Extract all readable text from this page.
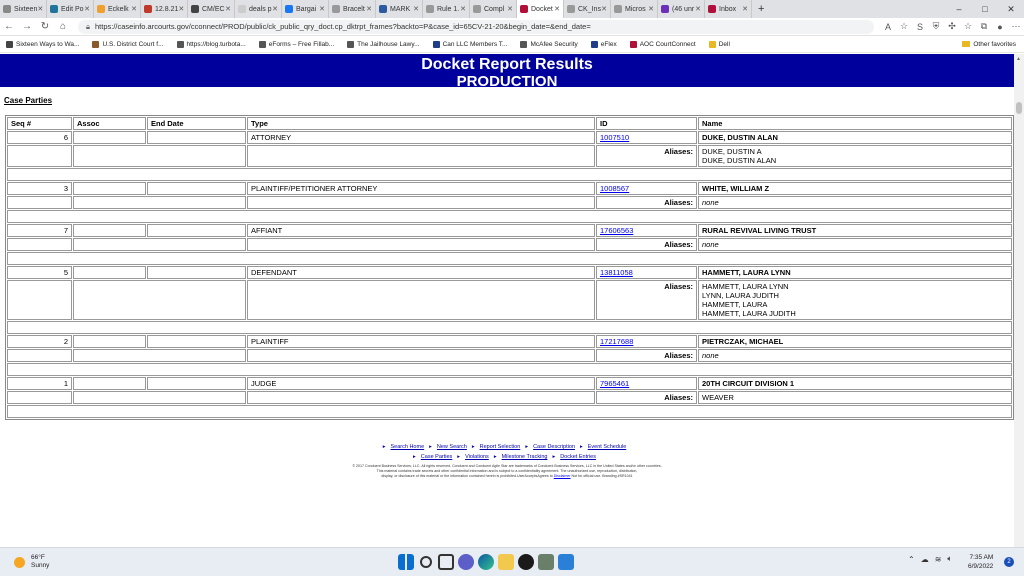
Sixteen ✕	Edit Po ✕	Eckelk ✕	12.8.21 ✕	CM/EC ✕	deals p ✕	Bargai ✕	Bracelt ✕	MARK ✕	Rule 1. ✕	Compl ✕	Docket ✕	CK_Ins ✕	Micros ✕	(46 unr ✕	Inbox ✕ +	–	□	✕
← → ↻	⌂	🔒︎ https://caseinfo.arcourts.gov/cconnect/PROD/public/ck_public_qry_doct.cp_dktrpt_frames?backto=P&case_id=65CV-21-20&begin_date=&end_date=	A ☆ S	⛨ ✣ ☆ ⧉	● ⋯
Sixteen Ways to Wa...	U.S. District Court f...	https://blog.turbota...	eForms – Free Fillab...	The Jailhouse Lawy...	Can LLC Members T...	McAfee Security	eFlex	AOC CourtConnect	Dell	Other favorites
Docket Report Results
PRODUCTION
Case Parties
Seq #	Assoc	End Date	Type	ID	Name
6			ATTORNEY	1007510	DUKE, DUSTIN ALAN
				Aliases:	DUKE, DUSTIN A
DUKE, DUSTIN ALAN

3			PLAINTIFF/PETITIONER ATTORNEY	1008567	WHITE, WILLIAM Z
				Aliases:	none

7			AFFIANT	17606563	RURAL REVIVAL LIVING TRUST
				Aliases:	none

5			DEFENDANT	13811058	HAMMETT, LAURA LYNN
				Aliases:	HAMMETT, LAURA LYNN
LYNN, LAURA JUDITH
HAMMETT, LAURA
HAMMETT, LAURA JUDITH

2			PLAINTIFF	17217688	PIETRCZAK, MICHAEL
				Aliases:	none

1			JUDGE	7965461	20TH CIRCUIT DIVISION 1
				Aliases:	WEAVER

▸ Search Home ▸ New Search ▸ Report Selection ▸ Case Description ▸ Event Schedule
▸ Case Parties ▸ Violations ▸ Milestone Tracking ▸ Docket Entries
© 2017 Conduent Business Services, LLC. All rights reserved. Conduent and Conduent Agile Star are trademarks of Conduent Business Services, LLC in the United States and/or other countries.
This material contains trade secrets and other confidential information and is subject to a confidentiality agreement. The unauthorized use, reproduction, distribution,
display, or disclosure of this material or the information contained herein is prohibited.UserAcceptsAgrees to Disclaimer Not for official use. Branding #SR1041
▲
66°F
Sunny
⌃ ☁ ≋ 🔈︎	7:35 AM
6/9/2022
2
